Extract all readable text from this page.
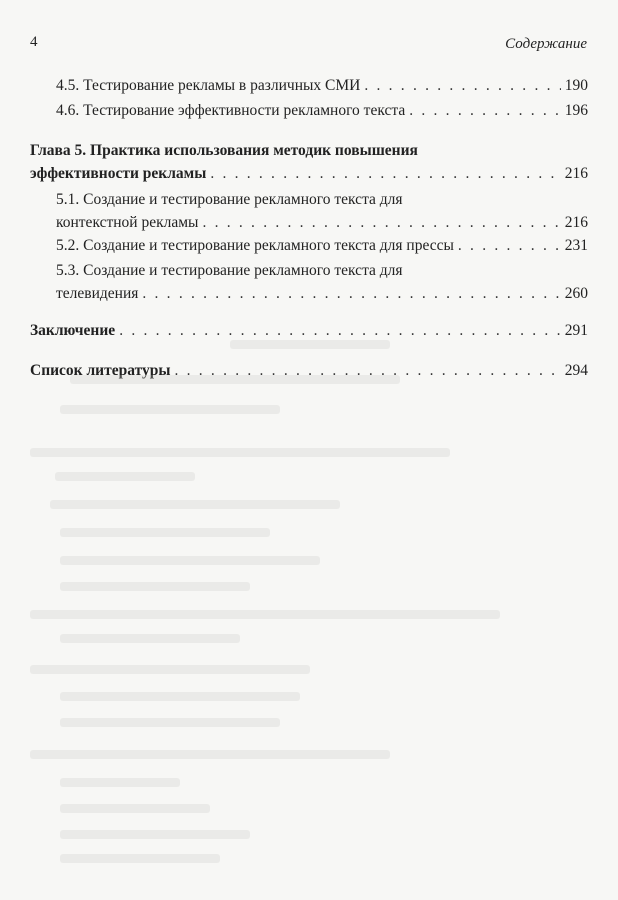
4	Содержание
4.5. Тестирование рекламы в различных СМИ . . .	190
4.6. Тестирование эффективности рекламного текста . . .	196
Глава 5. Практика использования методик повышения
эффективности рекламы . . .	216
5.1. Создание и тестирование рекламного текста для
контекстной рекламы . . .	216
5.2. Создание и тестирование рекламного текста для прессы . . .	231
5.3. Создание и тестирование рекламного текста для
телевидения . . .	260
Заключение . . .	291
Список литературы . . .	294
